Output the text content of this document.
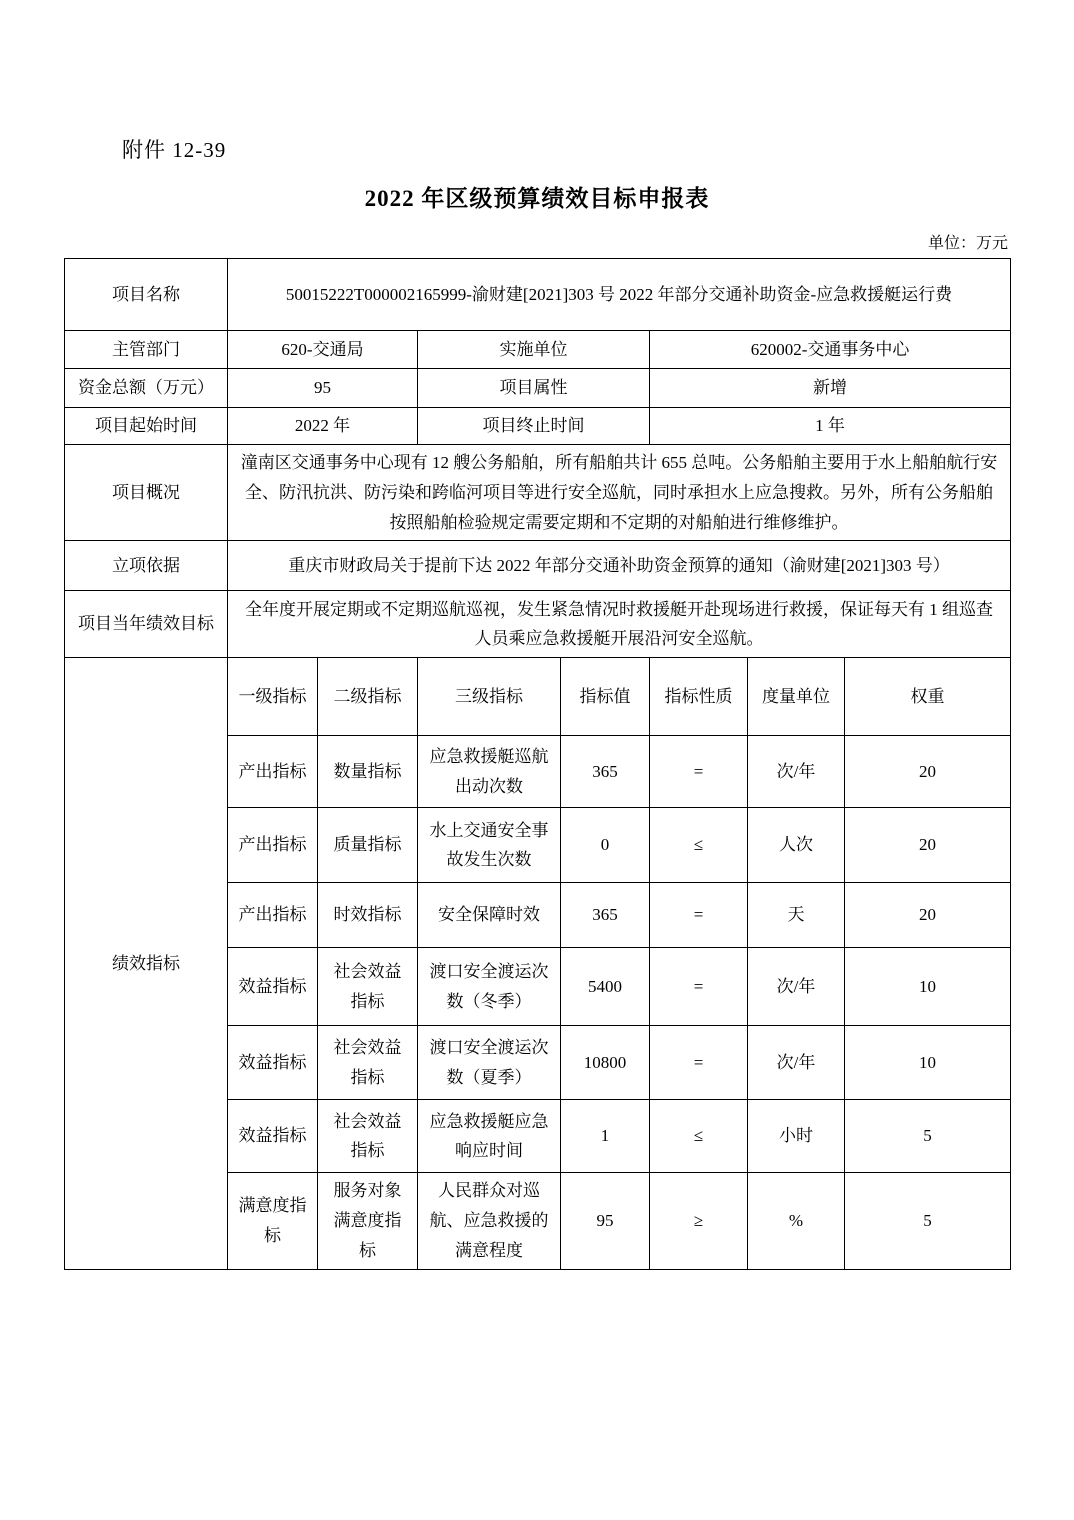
附件 12-39
2022 年区级预算绩效目标申报表
单位：万元
项目名称	50015222T000002165999-渝财建[2021]303 号 2022 年部分交通补助资金-应急救援艇运行费						
主管部门	620-交通局		实施单位		620002-交通事务中心		
资金总额（万元）	95		项目属性		新增		
项目起始时间	2022 年		项目终止时间		1 年		
项目概况	潼南区交通事务中心现有 12 艘公务船舶，所有船舶共计 655 总吨。公务船舶主要用于水上船舶航行安全、防汛抗洪、防污染和跨临河项目等进行安全巡航，同时承担水上应急搜救。另外，所有公务船舶按照船舶检验规定需要定期和不定期的对船舶进行维修维护。						
立项依据	重庆市财政局关于提前下达 2022 年部分交通补助资金预算的通知（渝财建[2021]303 号）						
项目当年绩效目标	全年度开展定期或不定期巡航巡视，发生紧急情况时救援艇开赴现场进行救援，保证每天有 1 组巡查人员乘应急救援艇开展沿河安全巡航。						
绩效指标	一级指标	二级指标	三级指标	指标值	指标性质	度量单位	权重
	产出指标	数量指标	应急救援艇巡航出动次数	365	=	次/年	20
	产出指标	质量指标	水上交通安全事故发生次数	0	≤	人次	20
	产出指标	时效指标	安全保障时效	365	=	天	20
	效益指标	社会效益指标	渡口安全渡运次数（冬季）	5400	=	次/年	10
	效益指标	社会效益指标	渡口安全渡运次数（夏季）	10800	=	次/年	10
	效益指标	社会效益指标	应急救援艇应急响应时间	1	≤	小时	5
	满意度指标	服务对象满意度指标	人民群众对巡航、应急救援的满意程度	95	≥	%	5
